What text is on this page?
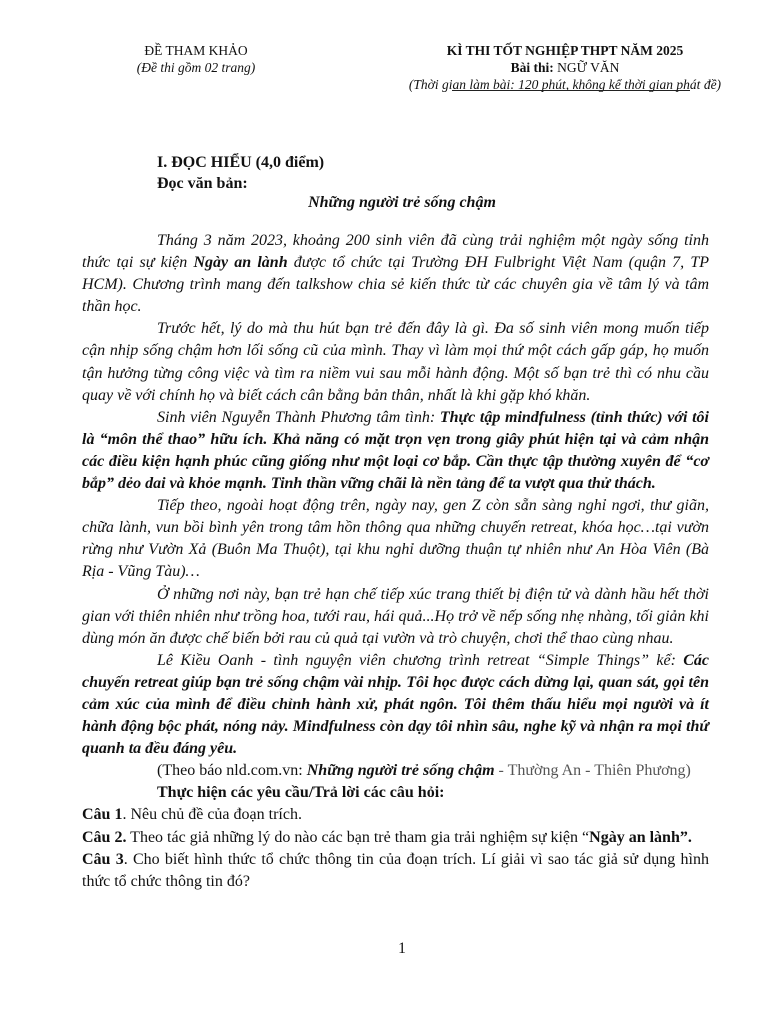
ĐỀ THAM KHẢO
(Đề thi gồm 02 trang)
KÌ THI TỐT NGHIỆP THPT NĂM 2025
Bài thi: NGỮ VĂN
(Thời gian làm bài: 120 phút, không kể thời gian phát đề)
I. ĐỌC HIỂU (4,0 điểm)
Đọc văn bản:
Những người trẻ sống chậm

Tháng 3 năm 2023, khoảng 200 sinh viên đã cùng trải nghiệm một ngày sống tỉnh thức tại sự kiện Ngày an lành được tổ chức tại Trường ĐH Fulbright Việt Nam (quận 7, TP HCM). Chương trình mang đến talkshow chia sẻ kiến thức từ các chuyên gia về tâm lý và tâm thần học.

Trước hết, lý do mà thu hút bạn trẻ đến đây là gì. Đa số sinh viên mong muốn tiếp cận nhịp sống chậm hơn lối sống cũ của mình. Thay vì làm mọi thứ một cách gấp gáp, họ muốn tận hưởng từng công việc và tìm ra niềm vui sau mỗi hành động. Một số bạn trẻ thì có nhu cầu quay về với chính họ và biết cách cân bằng bản thân, nhất là khi gặp khó khăn.

Sinh viên Nguyễn Thành Phương tâm tình: Thực tập mindfulness (tỉnh thức) với tôi là “môn thể thao” hữu ích. Khả năng có mặt trọn vẹn trong giây phút hiện tại và cảm nhận các điều kiện hạnh phúc cũng giống như một loại cơ bắp. Cần thực tập thường xuyên để “cơ bắp” dẻo dai và khỏe mạnh. Tinh thần vững chãi là nền tảng để ta vượt qua thử thách.

Tiếp theo, ngoài hoạt động trên, ngày nay, gen Z còn sẵn sàng nghỉ ngơi, thư giãn, chữa lành, vun bồi bình yên trong tâm hồn thông qua những chuyến retreat, khóa học…tại vườn rừng như Vườn Xả (Buôn Ma Thuột), tại khu nghỉ dưỡng thuận tự nhiên như An Hòa Viên (Bà Rịa - Vũng Tàu)…

Ở những nơi này, bạn trẻ hạn chế tiếp xúc trang thiết bị điện tử và dành hầu hết thời gian với thiên nhiên như trồng hoa, tưới rau, hái quả...Họ trở về nếp sống nhẹ nhàng, tối giản khi dùng món ăn được chế biến bởi rau củ quả tại vườn và trò chuyện, chơi thể thao cùng nhau.

Lê Kiều Oanh - tình nguyện viên chương trình retreat “Simple Things” kể: Các chuyến retreat giúp bạn trẻ sống chậm vài nhịp. Tôi học được cách dừng lại, quan sát, gọi tên cảm xúc của mình để điều chỉnh hành xử, phát ngôn. Tôi thêm thấu hiểu mọi người và ít hành động bộc phát, nóng nảy. Mindfulness còn dạy tôi nhìn sâu, nghe kỹ và nhận ra mọi thứ quanh ta đều đáng yêu.

(Theo báo nld.com.vn: Những người trẻ sống chậm - Thường An - Thiên Phương)

Thực hiện các yêu cầu/Trả lời các câu hỏi:

Câu 1. Nêu chủ đề của đoạn trích.

Câu 2. Theo tác giả những lý do nào các bạn trẻ tham gia trải nghiệm sự kiện “Ngày an lành”.

Câu 3. Cho biết hình thức tổ chức thông tin của đoạn trích. Lí giải vì sao tác giả sử dụng hình thức tổ chức thông tin đó?

1
